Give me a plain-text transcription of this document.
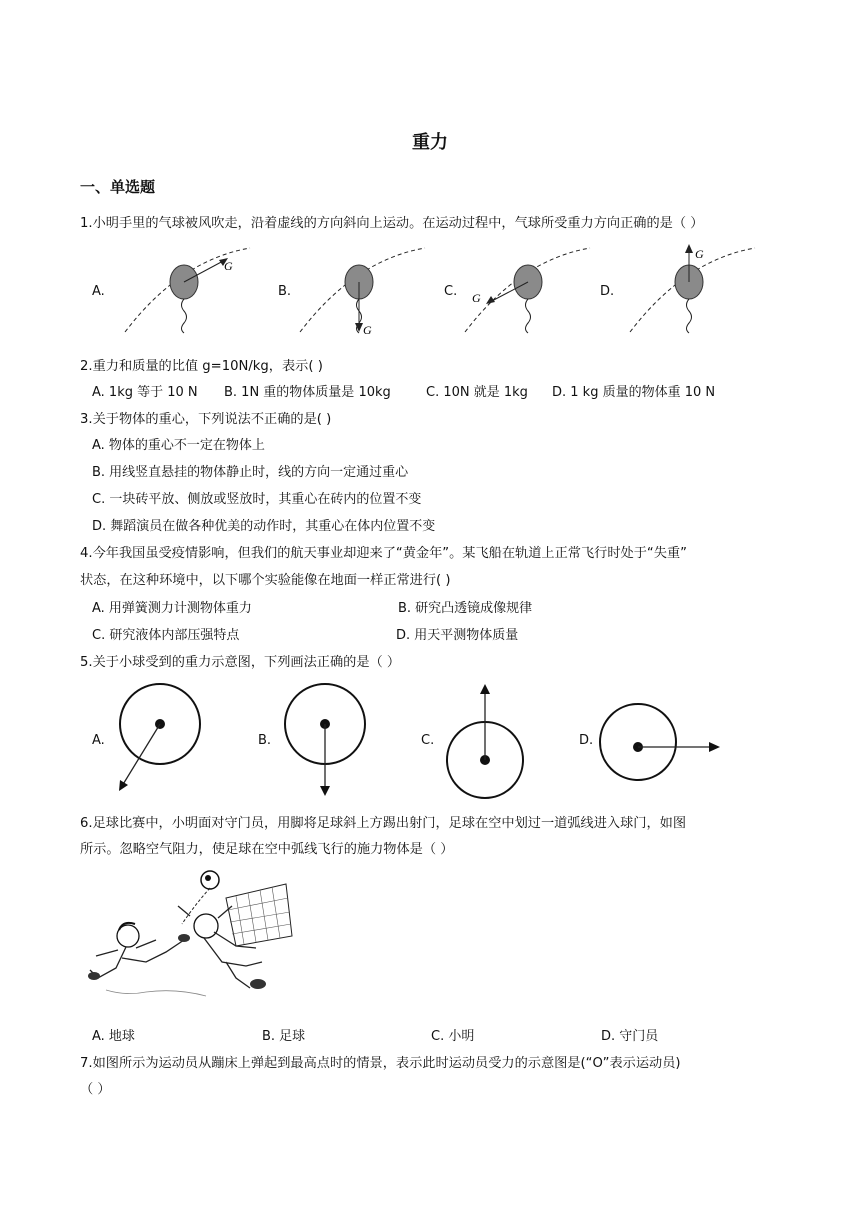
重力
一、单选题
1.小明手里的气球被风吹走，沿着虚线的方向斜向上运动。在运动过程中，气球所受重力方向正确的是（ ）
A.	B.	C.	D.
G
G
G
G
2.重力和质量的比值 g=10N/kg，表示( )
A. 1kg 等于 10 N B. 1N 重的物体质量是 10kg	C. 10N 就是 1kg D. 1 kg 质量的物体重 10 N
3.关于物体的重心，下列说法不正确的是( )
A. 物体的重心不一定在物体上
B. 用线竖直悬挂的物体静止时，线的方向一定通过重心
C. 一块砖平放、侧放或竖放时，其重心在砖内的位置不变
D. 舞蹈演员在做各种优美的动作时，其重心在体内位置不变
4.今年我国虽受疫情影响，但我们的航天事业却迎来了“黄金年”。某飞船在轨道上正常飞行时处于“失重”
状态，在这种环境中，以下哪个实验能像在地面一样正常进行( )
A. 用弹簧测力计测物体重力	B. 研究凸透镜成像规律
C. 研究液体内部压强特点	D. 用天平测物体质量
5.关于小球受到的重力示意图，下列画法正确的是（ ）
A.	B.	C.	D.
6.足球比赛中，小明面对守门员，用脚将足球斜上方踢出射门，足球在空中划过一道弧线进入球门，如图
所示。忽略空气阻力，使足球在空中弧线飞行的施力物体是（ ）
A. 地球	B. 足球	C. 小明	D. 守门员
7.如图所示为运动员从蹦床上弹起到最高点时的情景，表示此时运动员受力的示意图是(“O”表示运动员)
（ ）
